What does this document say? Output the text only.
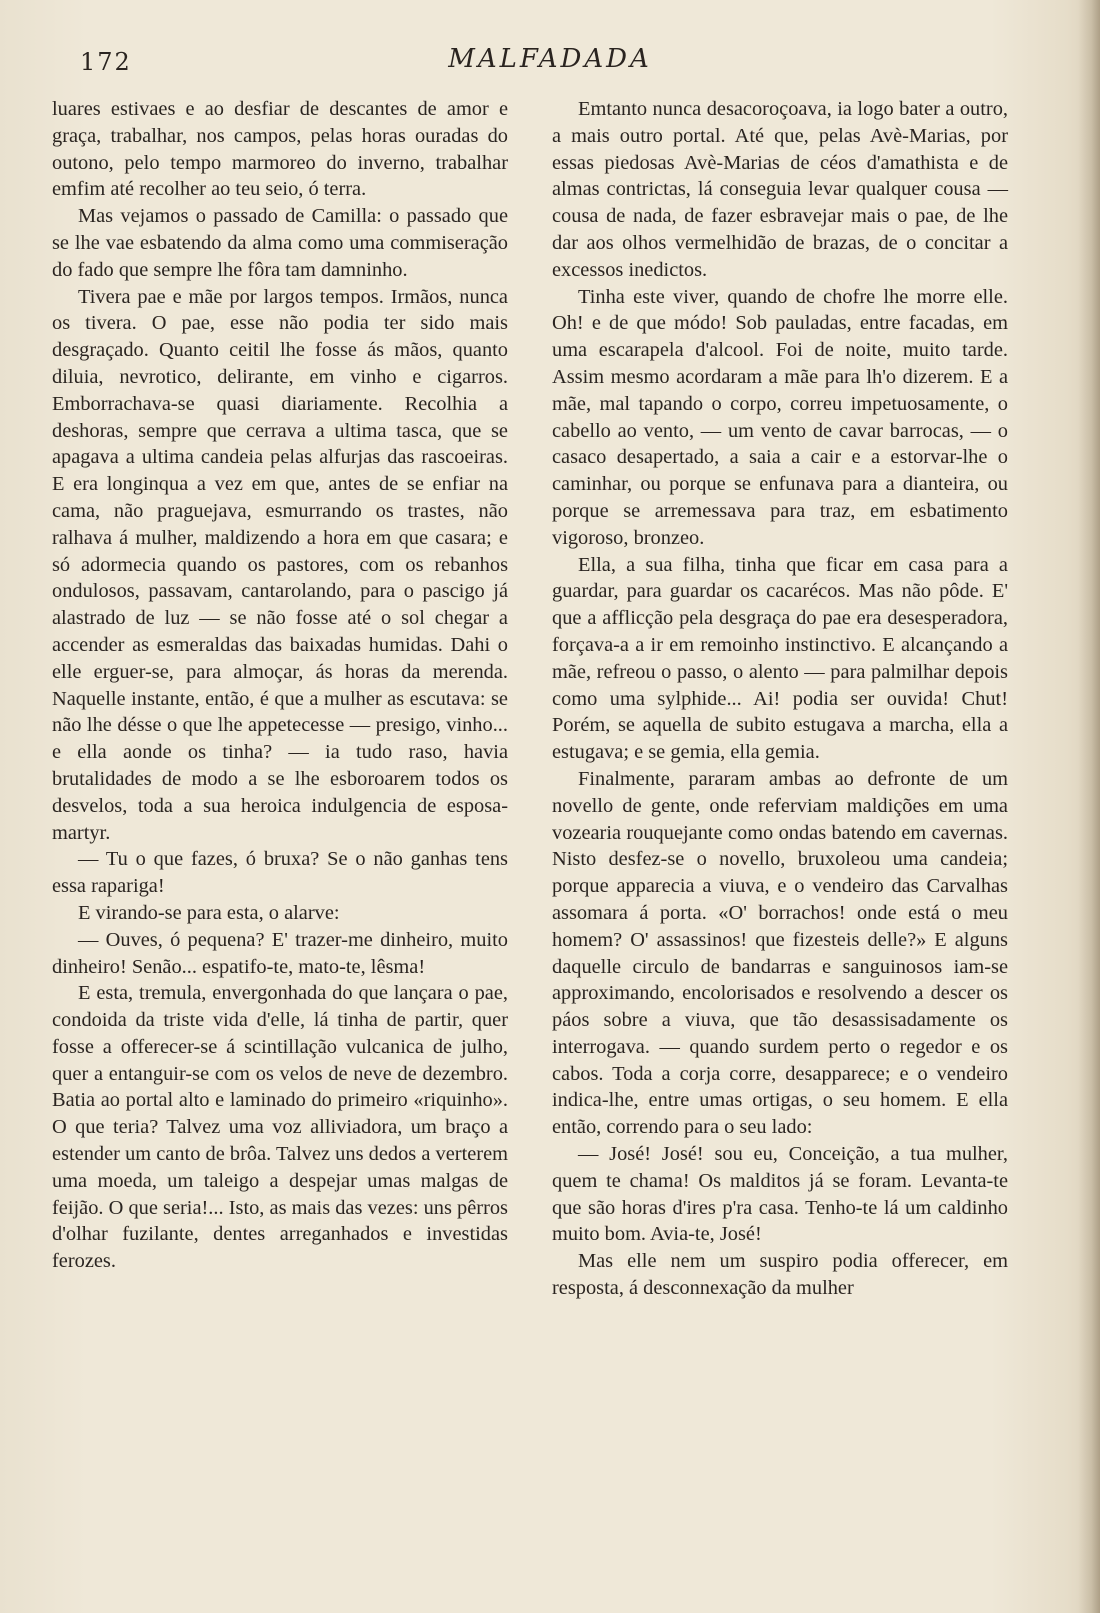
172	MALFADADA

luares estivaes e ao desfiar de descantes de amor e graça, trabalhar, nos campos, pelas horas ouradas do outono, pelo tempo marmoreo do inverno, trabalhar emfim até recolher ao teu seio, ó terra.

Mas vejamos o passado de Camilla: o passado que se lhe vae esbatendo da alma como uma commiseração do fado que sempre lhe fôra tam damninho.

Tivera pae e mãe por largos tempos. Irmãos, nunca os tivera. O pae, esse não podia ter sido mais desgraçado. Quanto ceitil lhe fosse ás mãos, quanto diluia, nevrotico, delirante, em vinho e cigarros. Emborrachava-se quasi diariamente. Recolhia a deshoras, sempre que cerrava a ultima tasca, que se apagava a ultima candeia pelas alfurjas das rascoeiras. E era longinqua a vez em que, antes de se enfiar na cama, não praguejava, esmurrando os trastes, não ralhava á mulher, maldizendo a hora em que casara; e só adormecia quando os pastores, com os rebanhos ondulosos, passavam, cantarolando, para o pascigo já alastrado de luz — se não fosse até o sol chegar a accender as esmeraldas das baixadas humidas. Dahi o elle erguer-se, para almoçar, ás horas da merenda. Naquelle instante, então, é que a mulher as escutava: se não lhe désse o que lhe appetecesse — presigo, vinho... e ella aonde os tinha? — ia tudo raso, havia brutalidades de modo a se lhe esboroarem todos os desvelos, toda a sua heroica indulgencia de esposa-martyr.

— Tu o que fazes, ó bruxa? Se o não ganhas tens essa rapariga!

E virando-se para esta, o alarve:

— Ouves, ó pequena? E' trazer-me dinheiro, muito dinheiro! Senão... espatifo-te, mato-te, lêsma!

E esta, tremula, envergonhada do que lançara o pae, condoida da triste vida d'elle, lá tinha de partir, quer fosse a offerecer-se á scintillação vulcanica de julho, quer a entanguir-se com os velos de neve de dezembro. Batia ao portal alto e laminado do primeiro «riquinho». O que teria? Talvez uma voz alliviadora, um braço a estender um canto de brôa. Talvez uns dedos a verterem uma moeda, um taleigo a despejar umas malgas de feijão. O que seria!... Isto, as mais das vezes: uns pêrros d'olhar fuzilante, dentes arreganhados e investidas ferozes.

Emtanto nunca desacoroçoava, ia logo bater a outro, a mais outro portal. Até que, pelas Avè-Marias, por essas piedosas Avè-Marias de céos d'amathista e de almas contrictas, lá conseguia levar qualquer cousa — cousa de nada, de fazer esbravejar mais o pae, de lhe dar aos olhos vermelhidão de brazas, de o concitar a excessos inedictos.

Tinha este viver, quando de chofre lhe morre elle. Oh! e de que módo! Sob pauladas, entre facadas, em uma escarapela d'alcool. Foi de noite, muito tarde. Assim mesmo acordaram a mãe para lh'o dizerem. E a mãe, mal tapando o corpo, correu impetuosamente, o cabello ao vento, — um vento de cavar barrocas, — o casaco desapertado, a saia a cair e a estorvar-lhe o caminhar, ou porque se enfunava para a dianteira, ou porque se arremessava para traz, em esbatimento vigoroso, bronzeo.

Ella, a sua filha, tinha que ficar em casa para a guardar, para guardar os cacarécos. Mas não pôde. E' que a afflicção pela desgraça do pae era desesperadora, forçava-a a ir em remoinho instinctivo. E alcançando a mãe, refreou o passo, o alento — para palmilhar depois como uma sylphide... Ai! podia ser ouvida! Chut! Porém, se aquella de subito estugava a marcha, ella a estugava; e se gemia, ella gemia.

Finalmente, pararam ambas ao defronte de um novello de gente, onde referviam maldições em uma vozearia rouquejante como ondas batendo em cavernas. Nisto desfez-se o novello, bruxoleou uma candeia; porque apparecia a viuva, e o vendeiro das Carvalhas assomara á porta. «O' borrachos! onde está o meu homem? O' assassinos! que fizesteis delle?» E alguns daquelle circulo de bandarras e sanguinosos iam-se approximando, encolorisados e resolvendo a descer os páos sobre a viuva, que tão desassisadamente os interrogava. — quando surdem perto o regedor e os cabos. Toda a corja corre, desapparece; e o vendeiro indica-lhe, entre umas ortigas, o seu homem. E ella então, correndo para o seu lado:

— José! José! sou eu, Conceição, a tua mulher, quem te chama! Os malditos já se foram. Levanta-te que são horas d'ires p'ra casa. Tenho-te lá um caldinho muito bom. Avia-te, José!

Mas elle nem um suspiro podia offerecer, em resposta, á desconnexação da mulher
